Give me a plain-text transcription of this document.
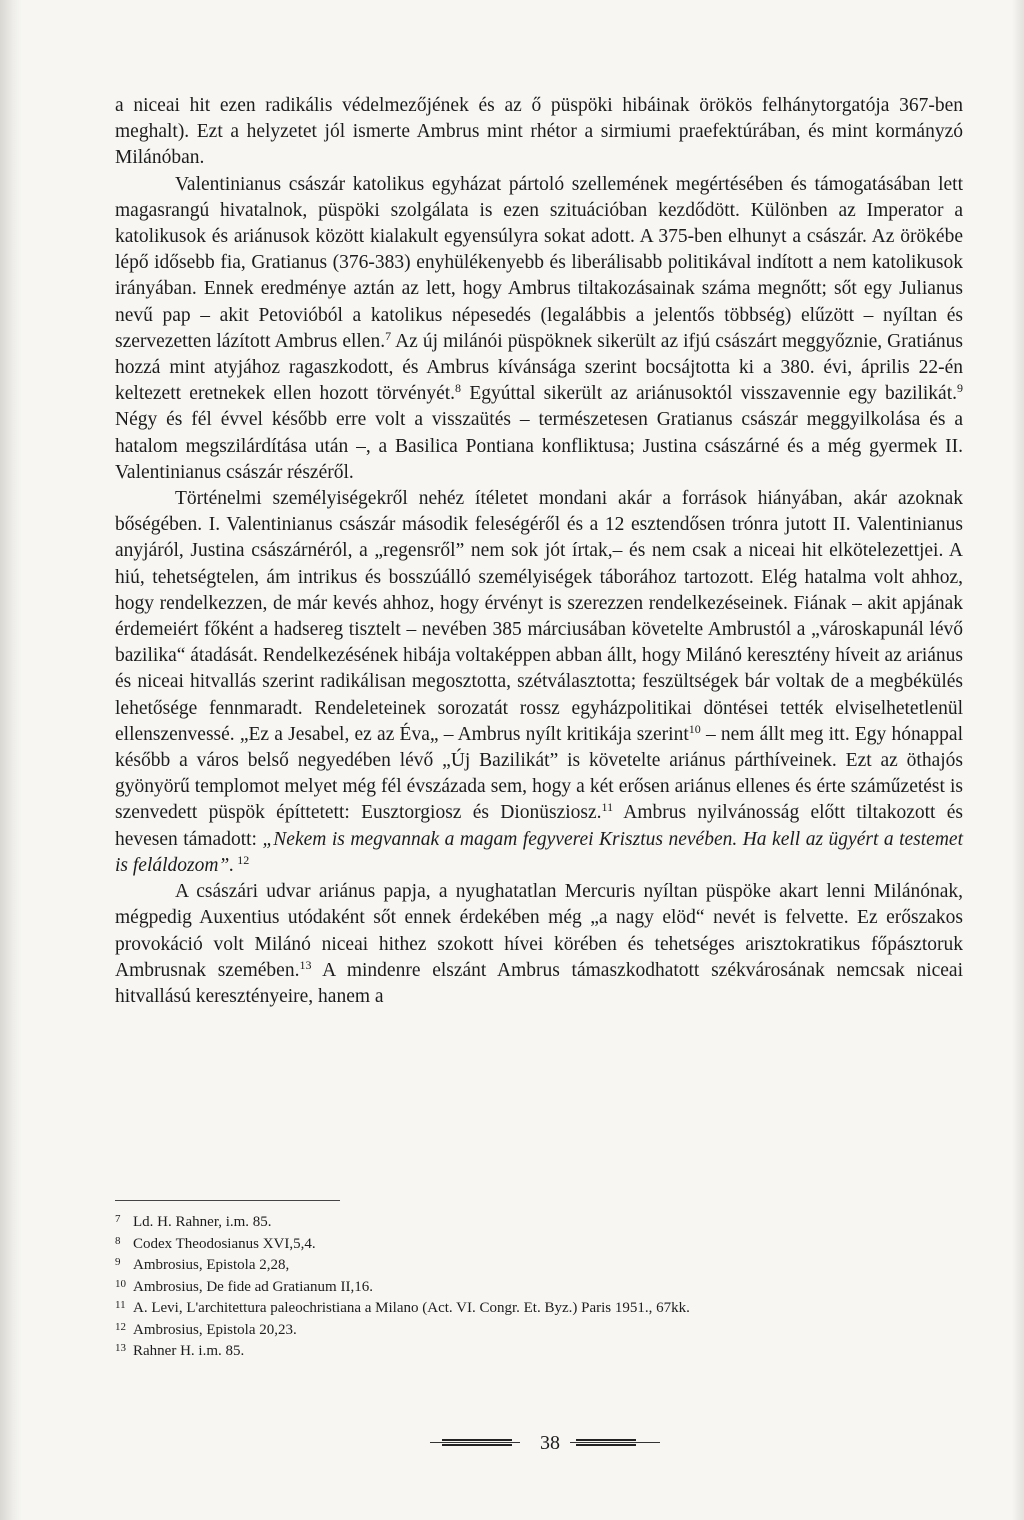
a niceai hit ezen radikális védelmezőjének és az ő püspöki hibáinak örökös felhánytorgatója 367-ben meghalt). Ezt a helyzetet jól ismerte Ambrus mint rhétor a sirmiumi praefektúrában, és mint kormányzó Milánóban.

Valentinianus császár katolikus egyházat pártoló szellemének megértésében és támogatásában lett magasrangú hivatalnok, püspöki szolgálata is ezen szituációban kezdődött. Különben az Imperator a katolikusok és ariánusok között kialakult egyensúlyra sokat adott. A 375-ben elhunyt a császár. Az örökébe lépő idősebb fia, Gratianus (376-383) enyhülékenyebb és liberálisabb politikával indított a nem katolikusok irányában. Ennek eredménye aztán az lett, hogy Ambrus tiltakozásainak száma megnőtt; sőt egy Julianus nevű pap – akit Petovióból a katolikus népesedés (legalábbis a jelentős többség) elűzött – nyíltan és szervezetten lázított Ambrus ellen.$^7$ Az új milánói püspöknek sikerült az ifjú császárt meggyőznie, Gratiánus hozzá mint atyjához ragaszkodott, és Ambrus kívánsága szerint bocsájtotta ki a 380. évi, április 22-én keltezett eretnekek ellen hozott törvényét.$^8$ Egyúttal sikerült az ariánusoktól visszavennie egy bazilikát.$^9$ Négy és fél évvel később erre volt a visszaütés – természetesen Gratianus császár meggyilkolása és a hatalom megszilárdítása után –, a Basilica Pontiana konfliktusa; Justina császárné és a még gyermek II. Valentinianus császár részéről.

Történelmi személyiségekről nehéz ítéletet mondani akár a források hiányában, akár azoknak bőségében. I. Valentinianus császár második feleségéről és a 12 esztendősen trónra jutott II. Valentinianus anyjáról, Justina császárnéról, a „regensről” nem sok jót írtak,– és nem csak a niceai hit elkötelezettjei. A hiú, tehetségtelen, ám intrikus és bosszúálló személyiségek táborához tartozott. Elég hatalma volt ahhoz, hogy rendelkezzen, de már kevés ahhoz, hogy érvényt is szerezzen rendelkezéseinek. Fiának – akit apjának érdemeiért főként a hadsereg tisztelt – nevében 385 márciusában követelte Ambrustól a „városkapunál lévő bazilika“ átadását. Rendelkezésének hibája voltaképpen abban állt, hogy Milánó keresztény híveit az ariánus és niceai hitvallás szerint radikálisan megosztotta, szétválasztotta; feszültségek bár voltak de a megbékülés lehetősége fennmaradt. Rendeleteinek sorozatát rossz egyházpolitikai döntései tették elviselhetetlenül ellenszenvessé. „Ez a Jesabel, ez az Éva„ – Ambrus nyílt kritikája szerint$^{10}$ – nem állt meg itt. Egy hónappal később a város belső negyedében lévő „Új Bazilikát” is követelte ariánus párthíveinek. Ezt az öthajós gyönyörű templomot melyet még fél évszázada sem, hogy a két erősen ariánus ellenes és érte száműzetést is szenvedett püspök építtetett: Eusztorgiosz és Dionüsziosz.$^{11}$ Ambrus nyilvánosság előtt tiltakozott és hevesen támadott: „Nekem is megvannak a magam fegyverei Krisztus nevében. Ha kell az ügyért a testemet is feláldozom”. $^{12}$

A császári udvar ariánus papja, a nyughatatlan Mercuris nyíltan püspöke akart lenni Milánónak, mégpedig Auxentius utódaként sőt ennek érdekében még „a nagy elöd“ nevét is felvette. Ez erőszakos provokáció volt Milánó niceai hithez szokott hívei körében és tehetséges arisztokratikus főpásztoruk Ambrusnak szemében.$^{13}$ A mindenre elszánt Ambrus támaszkodhatott székvárosának nemcsak niceai hitvallású keresztényeire, hanem a

7 Ld. H. Rahner, i.m. 85.
8 Codex Theodosianus XVI,5,4.
9 Ambrosius, Epistola 2,28,
10 Ambrosius, De fide ad Gratianum II,16.
11 A. Levi, L'architettura paleochristiana a Milano (Act. VI. Congr. Et. Byz.) Paris 1951., 67kk.
12 Ambrosius, Epistola 20,23.
13 Rahner H. i.m. 85.
38
